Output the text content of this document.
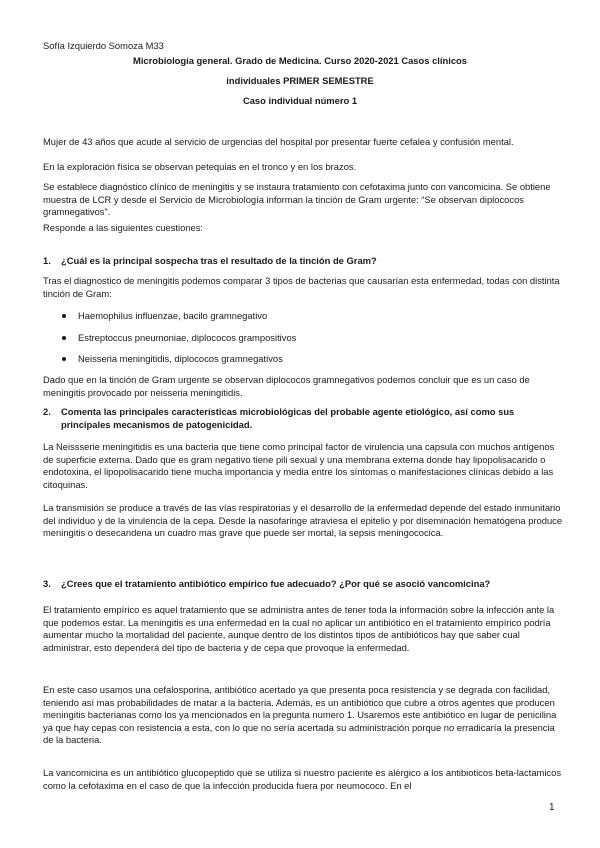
Sofía Izquierdo Somoza M33
Microbiología general. Grado de Medicina. Curso 2020-2021 Casos clínicos
individuales PRIMER SEMESTRE
Caso individual número 1

Mujer de 43 años que acude al servicio de urgencias del hospital por presentar fuerte cefalea y confusión mental.

En la exploración física se observan petequias en el tronco y en los brazos.

Se establece diagnóstico clínico de meningitis y se instaura tratamiento con cefotaxima junto con vancomicina. Se obtiene muestra de LCR y desde el Servicio de Microbiología informan la tinción de Gram urgente: “Se observan diplococos gramnegativos”.

Responde a las siguientes cuestiones:

1.	¿Cuál es la principal sospecha tras el resultado de la tinción de Gram?

Tras el diagnostico de meningitis podemos comparar 3 tipos de bacterias que causarían esta enfermedad, todas con distinta tinción de Gram:

Haemophilus influenzae, bacilo gramnegativo
Estreptoccus pneumoniae, diplococos grampositivos
Neisseria meningitidis, diplococos gramnegativos

Dado que en la tinción de Gram urgente se observan diplococos gramnegativos podemos concluir que es un caso de meningitis provocado por neisseria meningitidis.

2.	Comenta las principales características microbiológicas del probable agente etiológico, así como sus principales mecanismos de patogenicidad.

La Neissserie meningitidis es una bacteria que tiene como principal factor de virulencia una capsula con muchos antígenos de superficie externa. Dado que es gram negativo tiene pili sexual y una membrana externa donde hay lipopolisacarido o endotoxina, el lipopolisacarido tiene mucha importancia y media entre los síntomas o manifestaciones clínicas debido a las citoquinas.

La transmisión se produce a través de las vías respiratorias y el desarrollo de la enfermedad depende del estado inmunitario del individuo y de la virulencia de la cepa. Desde la nasofaringe atraviesa el epitelio y por diseminación hematógena produce meningitis o desecandena un cuadro mas grave que puede ser mortal, la sepsis meningococica.

3.	¿Crees que el tratamiento antibiótico empírico fue adecuado? ¿Por qué se asoció vancomicina?

El tratamiento empírico es aquel tratamiento que se administra antes de tener toda la información sobre la infección ante la que podemos estar. La meningitis es una enfermedad en la cual no aplicar un antibiótico en el tratamiento empírico podría aumentar mucho la mortalidad del paciente, aunque dentro de los distintos tipos de antibióticos hay que saber cual administrar, esto dependerá del tipo de bacteria y de cepa que provoque la enfermedad.

En este caso usamos una cefalosporina, antibiótico acertado ya que presenta poca resistencia y se degrada con facilidad, teniendo así mas probabilidades de matar a la bacteria. Además, es un antibiótico que cubre a otros agentes que producen meningitis bacterianas como los ya mencionados en la pregunta numero 1. Usaremos este antibiótico en lugar de penicilina ya que hay cepas con resistencia a esta, con lo que no sería acertada su administración porque no erradicaría la presencia de la bacteria.

La vancomicina es un antibiótico glucopeptido que se utiliza si nuestro paciente es alérgico a los antibioticos beta-lactamicos como la cefotaxima en el caso de que la infección producida fuera por neumococo. En el

1
